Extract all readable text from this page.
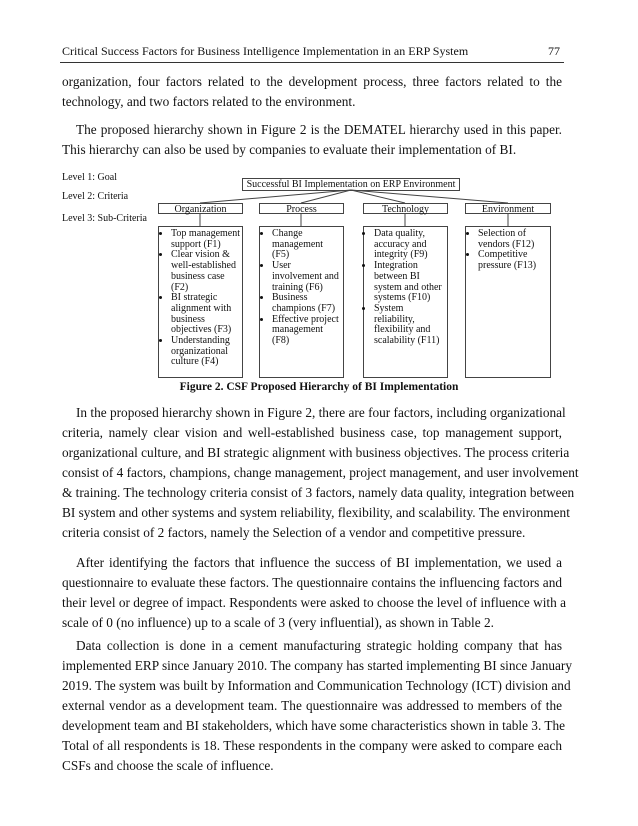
Critical Success Factors for Business Intelligence Implementation in an ERP System	77
organization, four factors related to the development process, three factors related to the
technology, and two factors related to the environment.
The proposed hierarchy shown in Figure 2 is the DEMATEL hierarchy used in this paper.
This hierarchy can also be used by companies to evaluate their implementation of BI.
Level 1: Goal
Level 2: Criteria
Level 3: Sub-Criteria
Successful BI Implementation on ERP Environment
Organization	Process	Technology	Environment
• Top management support (F1)
• Clear vision & well-established business case (F2)
• BI strategic alignment with business objectives (F3)
• Understanding organizational culture (F4)
• Change management (F5)
• User involvement and training (F6)
• Business champions (F7)
• Effective project management (F8)
• Data quality, accuracy and integrity (F9)
• Integration between BI system and other systems (F10)
• System reliability, flexibility and scalability (F11)
• Selection of vendors (F12)
• Competitive pressure (F13)
Figure 2. CSF Proposed Hierarchy of BI Implementation
In the proposed hierarchy shown in Figure 2, there are four factors, including organizational
criteria, namely clear vision and well-established business case, top management support,
organizational culture, and BI strategic alignment with business objectives. The process criteria
consist of 4 factors, champions, change management, project management, and user involvement
& training. The technology criteria consist of 3 factors, namely data quality, integration between
BI system and other systems and system reliability, flexibility, and scalability. The environment
criteria consist of 2 factors, namely the Selection of a vendor and competitive pressure.
After identifying the factors that influence the success of BI implementation, we used a
questionnaire to evaluate these factors. The questionnaire contains the influencing factors and
their level or degree of impact. Respondents were asked to choose the level of influence with a
scale of 0 (no influence) up to a scale of 3 (very influential), as shown in Table 2.
Data collection is done in a cement manufacturing strategic holding company that has
implemented ERP since January 2010. The company has started implementing BI since January
2019. The system was built by Information and Communication Technology (ICT) division and
external vendor as a development team. The questionnaire was addressed to members of the
development team and BI stakeholders, which have some characteristics shown in table 3. The
Total of all respondents is 18. These respondents in the company were asked to compare each
CSFs and choose the scale of influence.
